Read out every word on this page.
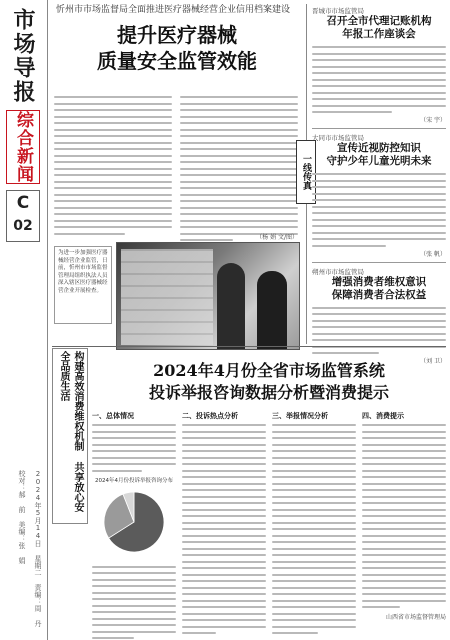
市场导报
综合新闻
C
02
2024年5月14日 星期二 责编：周 丹 校对：郝 前 美编：张 娟
忻州市市场监督局全面推进医疗器械经营企业信用档案建设
提升医疗器械
质量安全监管效能
为进一步加强医疗器械经营企业监管，日前，忻州市市场监督管理局组织执法人员深入辖区医疗器械经营企业开展检查。
（杨 娟 文/图）
构建高效消费维权机制 共享放心安全品质生活
一线传真
晋城市市场监管局
召开全市代理记账机构
年报工作座谈会
（宋 宇）
大同市市场监管局
宣传近视防控知识
守护少年儿童光明未来
（张 帆）
朔州市市场监管局
增强消费者维权意识
保障消费者合法权益
（刘 卫）
2024年4月份全省市场监管系统
投诉举报咨询数据分析暨消费提示
一、总体情况
2024年4月份投诉举报咨询分布
二、投诉热点分析	三、举报情况分析	四、消费提示
山西省市场监督管理局
